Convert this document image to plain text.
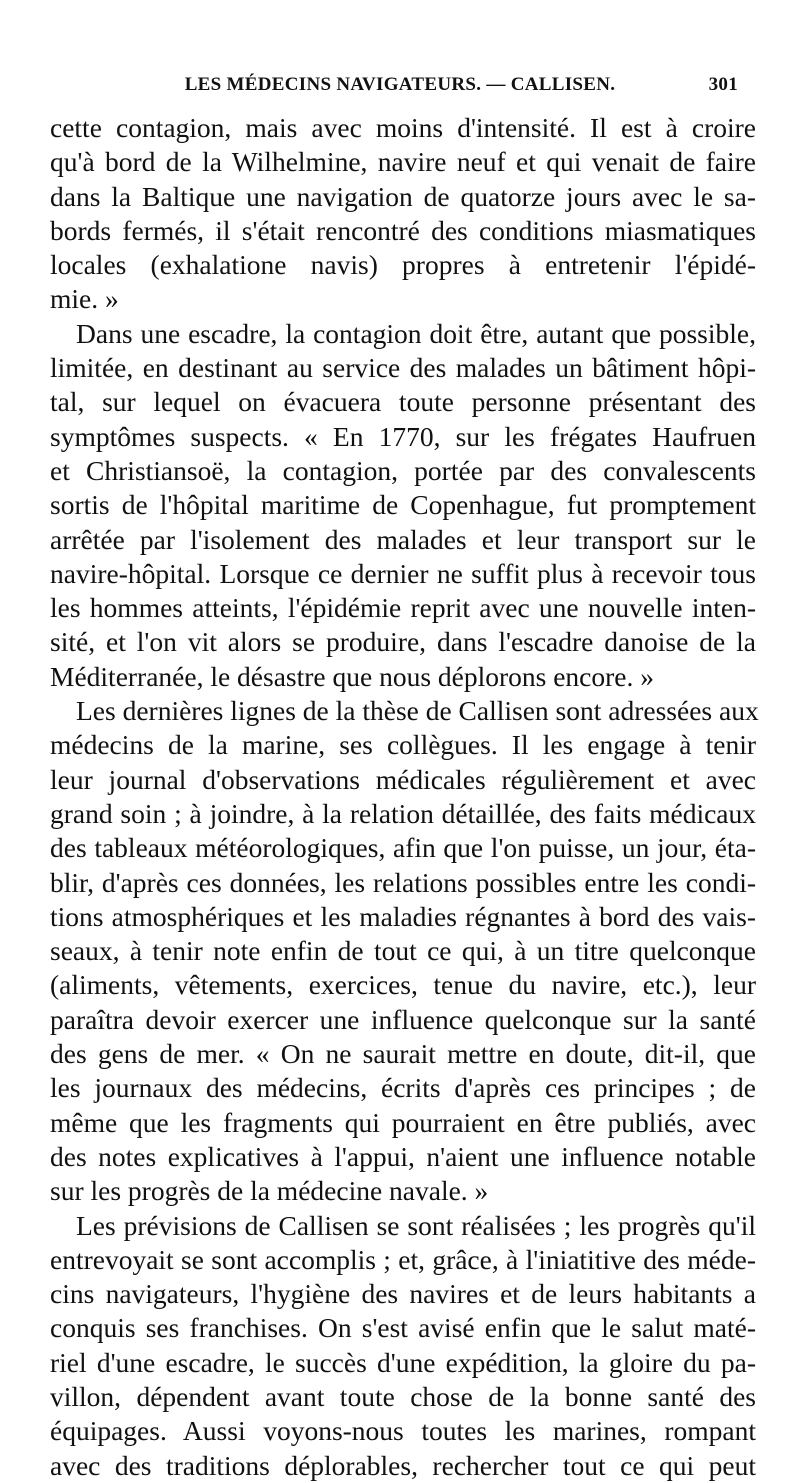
LES MÉDECINS NAVIGATEURS. — CALLISEN.	301
cette contagion, mais avec moins d'intensité. Il est à croire
qu'à bord de la Wilhelmine, navire neuf et qui venait de faire
dans la Baltique une navigation de quatorze jours avec le sa-
bords fermés, il s'était rencontré des conditions miasmatiques
locales (exhalatione navis) propres à entretenir l'épidé-
mie. »
Dans une escadre, la contagion doit être, autant que possible,
limitée, en destinant au service des malades un bâtiment hôpi-
tal, sur lequel on évacuera toute personne présentant des
symptômes suspects. « En 1770, sur les frégates Haufruen
et Christiansoë, la contagion, portée par des convalescents
sortis de l'hôpital maritime de Copenhague, fut promptement
arrêtée par l'isolement des malades et leur transport sur le
navire-hôpital. Lorsque ce dernier ne suffit plus à recevoir tous
les hommes atteints, l'épidémie reprit avec une nouvelle inten-
sité, et l'on vit alors se produire, dans l'escadre danoise de la
Méditerranée, le désastre que nous déplorons encore. »
Les dernières lignes de la thèse de Callisen sont adressées aux
médecins de la marine, ses collègues. Il les engage à tenir
leur journal d'observations médicales régulièrement et avec
grand soin ; à joindre, à la relation détaillée, des faits médicaux
des tableaux météorologiques, afin que l'on puisse, un jour, éta-
blir, d'après ces données, les relations possibles entre les condi-
tions atmosphériques et les maladies régnantes à bord des vais-
seaux, à tenir note enfin de tout ce qui, à un titre quelconque
(aliments, vêtements, exercices, tenue du navire, etc.), leur
paraîtra devoir exercer une influence quelconque sur la santé
des gens de mer. « On ne saurait mettre en doute, dit-il, que
les journaux des médecins, écrits d'après ces principes ; de
même que les fragments qui pourraient en être publiés, avec
des notes explicatives à l'appui, n'aient une influence notable
sur les progrès de la médecine navale. »
Les prévisions de Callisen se sont réalisées ; les progrès qu'il
entrevoyait se sont accomplis ; et, grâce, à l'iniatitive des méde-
cins navigateurs, l'hygiène des navires et de leurs habitants a
conquis ses franchises. On s'est avisé enfin que le salut maté-
riel d'une escadre, le succès d'une expédition, la gloire du pa-
villon, dépendent avant toute chose de la bonne santé des
équipages. Aussi voyons-nous toutes les marines, rompant
avec des traditions déplorables, rechercher tout ce qui peut
